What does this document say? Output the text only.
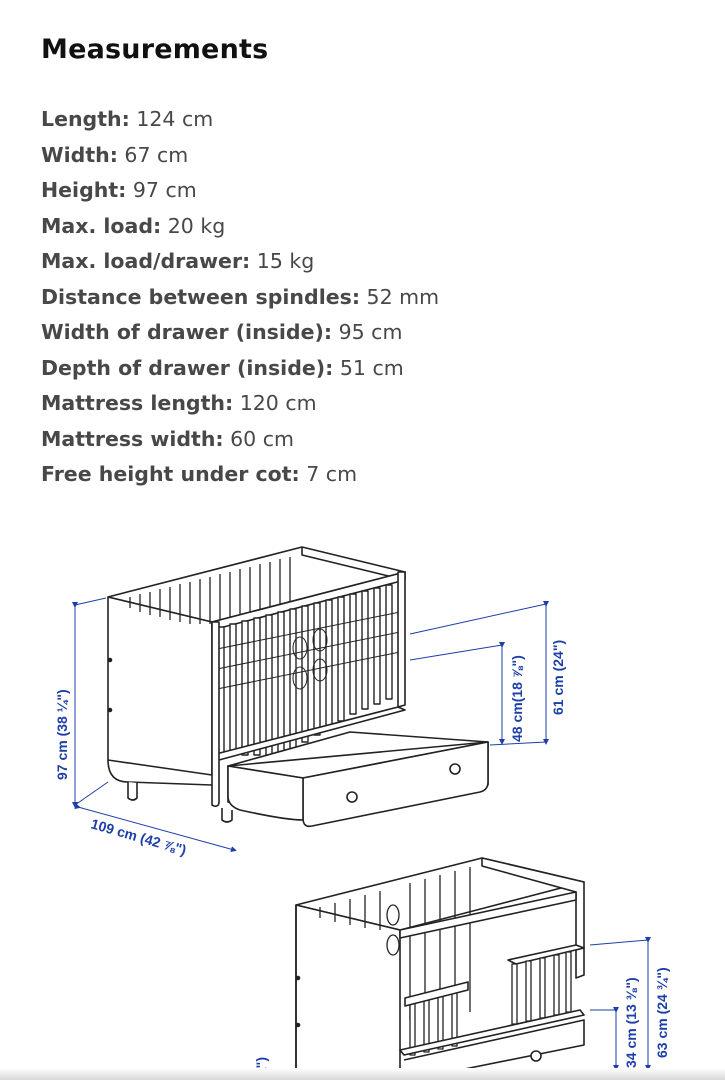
Measurements
Length: 124 cm
Width: 67 cm
Height: 97 cm
Max. load: 20 kg
Max. load/drawer: 15 kg
Distance between spindles: 52 mm
Width of drawer (inside): 95 cm
Depth of drawer (inside): 51 cm
Mattress length: 120 cm
Mattress width: 60 cm
Free height under cot: 7 cm
97 cm (38 ¼")
109 cm (42 ⅞")
61 cm (24")
48 cm(18 ⅞")
34 cm (13 ⅜") 63 cm (24 ¾")
